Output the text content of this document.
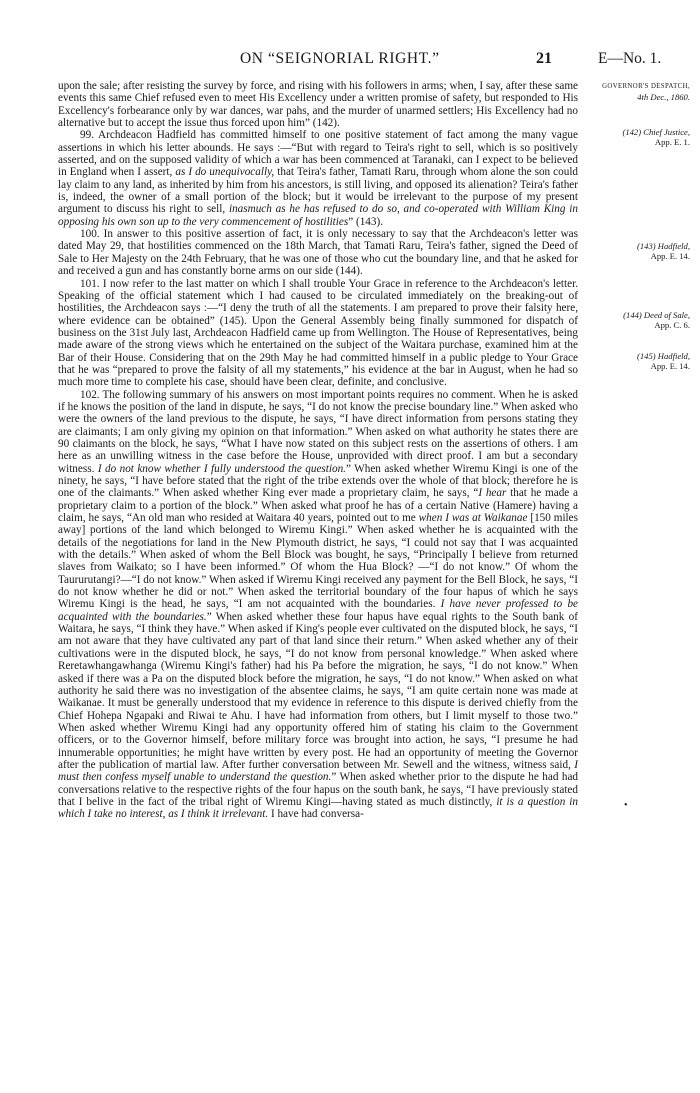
ON “SEIGNORIAL RIGHT.”	21	E—No. 1.

upon the sale; after resisting the survey by force, and rising with his followers in arms; when, I say, after these same events this same Chief refused even to meet His Excellency under a written promise of safety, but responded to His Excellency's forbearance only by war dances, war pahs, and the murder of unarmed settlers; His Excellency had no alternative but to accept the issue thus forced upon him” (142).

99. Archdeacon Hadfield has committed himself to one positive statement of fact among the many vague assertions in which his letter abounds. He says :—“But with regard to Teira's right to sell, which is so positively asserted, and on the supposed validity of which a war has been commenced at Taranaki, can I expect to be believed in England when I assert, as I do unequivocally, that Teira's father, Tamati Raru, through whom alone the son could lay claim to any land, as inherited by him from his ancestors, is still living, and opposed its alienation? Teira's father is, indeed, the owner of a small portion of the block; but it would be irrelevant to the purpose of my present argument to discuss his right to sell, inasmuch as he has refused to do so, and co-operated with William King in opposing his own son up to the very commencement of hostilities” (143).

100. In answer to this positive assertion of fact, it is only necessary to say that the Archdeacon's letter was dated May 29, that hostilities commenced on the 18th March, that Tamati Raru, Teira's father, signed the Deed of Sale to Her Majesty on the 24th February, that he was one of those who cut the boundary line, and that he asked for and received a gun and has constantly borne arms on our side (144).

101. I now refer to the last matter on which I shall trouble Your Grace in reference to the Archdeacon's letter. Speaking of the official statement which I had caused to be circulated immediately on the breaking-out of hostilities, the Archdeacon says :—“I deny the truth of all the statements. I am prepared to prove their falsity here, where evidence can be obtained” (145). Upon the General Assembly being finally summoned for dispatch of business on the 31st July last, Archdeacon Hadfield came up from Wellington. The House of Representatives, being made aware of the strong views which he entertained on the subject of the Waitara purchase, examined him at the Bar of their House. Considering that on the 29th May he had committed himself in a public pledge to Your Grace that he was “prepared to prove the falsity of all my statements,” his evidence at the bar in August, when he had so much more time to complete his case, should have been clear, definite, and conclusive.

102. The following summary of his answers on most important points requires no comment. When he is asked if he knows the position of the land in dispute, he says, “I do not know the precise boundary line.” When asked who were the owners of the land previous to the dispute, he says, “I have direct information from persons stating they are claimants; I am only giving my opinion on that information.” When asked on what authority he states there are 90 claimants on the block, he says, “What I have now stated on this subject rests on the assertions of others. I am here as an unwilling witness in the case before the House, unprovided with direct proof. I am but a secondary witness. I do not know whether I fully understood the question.” When asked whether Wiremu Kingi is one of the ninety, he says, “I have before stated that the right of the tribe extends over the whole of that block; therefore he is one of the claimants.” When asked whether King ever made a proprietary claim, he says, “I hear that he made a proprietary claim to a portion of the block.” When asked what proof he has of a certain Native (Hamere) having a claim, he says, “An old man who resided at Waitara 40 years, pointed out to me when I was at Waikanae [150 miles away] portions of the land which belonged to Wiremu Kingi.” When asked whether he is acquainted with the details of the negotiations for land in the New Plymouth district, he says, “I could not say that I was acquainted with the details.” When asked of whom the Bell Block was bought, he says, “Principally I believe from returned slaves from Waikato; so I have been informed.” Of whom the Hua Block? —“I do not know.” Of whom the Taururutangi?—“I do not know.” When asked if Wiremu Kingi received any payment for the Bell Block, he says, “I do not know whether he did or not.” When asked the territorial boundary of the four hapus of which he says Wiremu Kingi is the head, he says, “I am not acquainted with the boundaries. I have never professed to be acquainted with the boundaries.” When asked whether these four hapus have equal rights to the South bank of Waitara, he says, “I think they have.” When asked if King's people ever cultivated on the disputed block, he says, “I am not aware that they have cultivated any part of that land since their return.” When asked whether any of their cultivations were in the disputed block, he says, “I do not know from personal knowledge.” When asked where Reretawhangawhanga (Wiremu Kingi's father) had his Pa before the migration, he says, “I do not know.” When asked if there was a Pa on the disputed block before the migration, he says, “I do not know.” When asked on what authority he said there was no investigation of the absentee claims, he says, “I am quite certain none was made at Waikanae. It must be generally understood that my evidence in reference to this dispute is derived chiefly from the Chief Hohepa Ngapaki and Riwai te Ahu. I have had information from others, but I limit myself to those two.” When asked whether Wiremu Kingi had any opportunity offered him of stating his claim to the Government officers, or to the Governor himself, before military force was brought into action, he says, “I presume he had innumerable opportunities; he might have written by every post. He had an opportunity of meeting the Governor after the publication of martial law. After further conversation between Mr. Sewell and the witness, witness said, I must then confess myself unable to understand the question.” When asked whether prior to the dispute he had had conversations relative to the respective rights of the four hapus on the south bank, he says, “I have previously stated that I belive in the fact of the tribal right of Wiremu Kingi—having stated as much distinctly, it is a question in which I take no interest, as I think it irrelevant. I have had conversa-

GOVERNOR'S DESPATCH,
4th Dec., 1860.
(142) Chief Justice,
App. E. 1.
(143) Hadfield,
App. E. 14.
(144) Deed of Sale,
App. C. 6.
(145) Hadfield,
App. E. 14.
•
